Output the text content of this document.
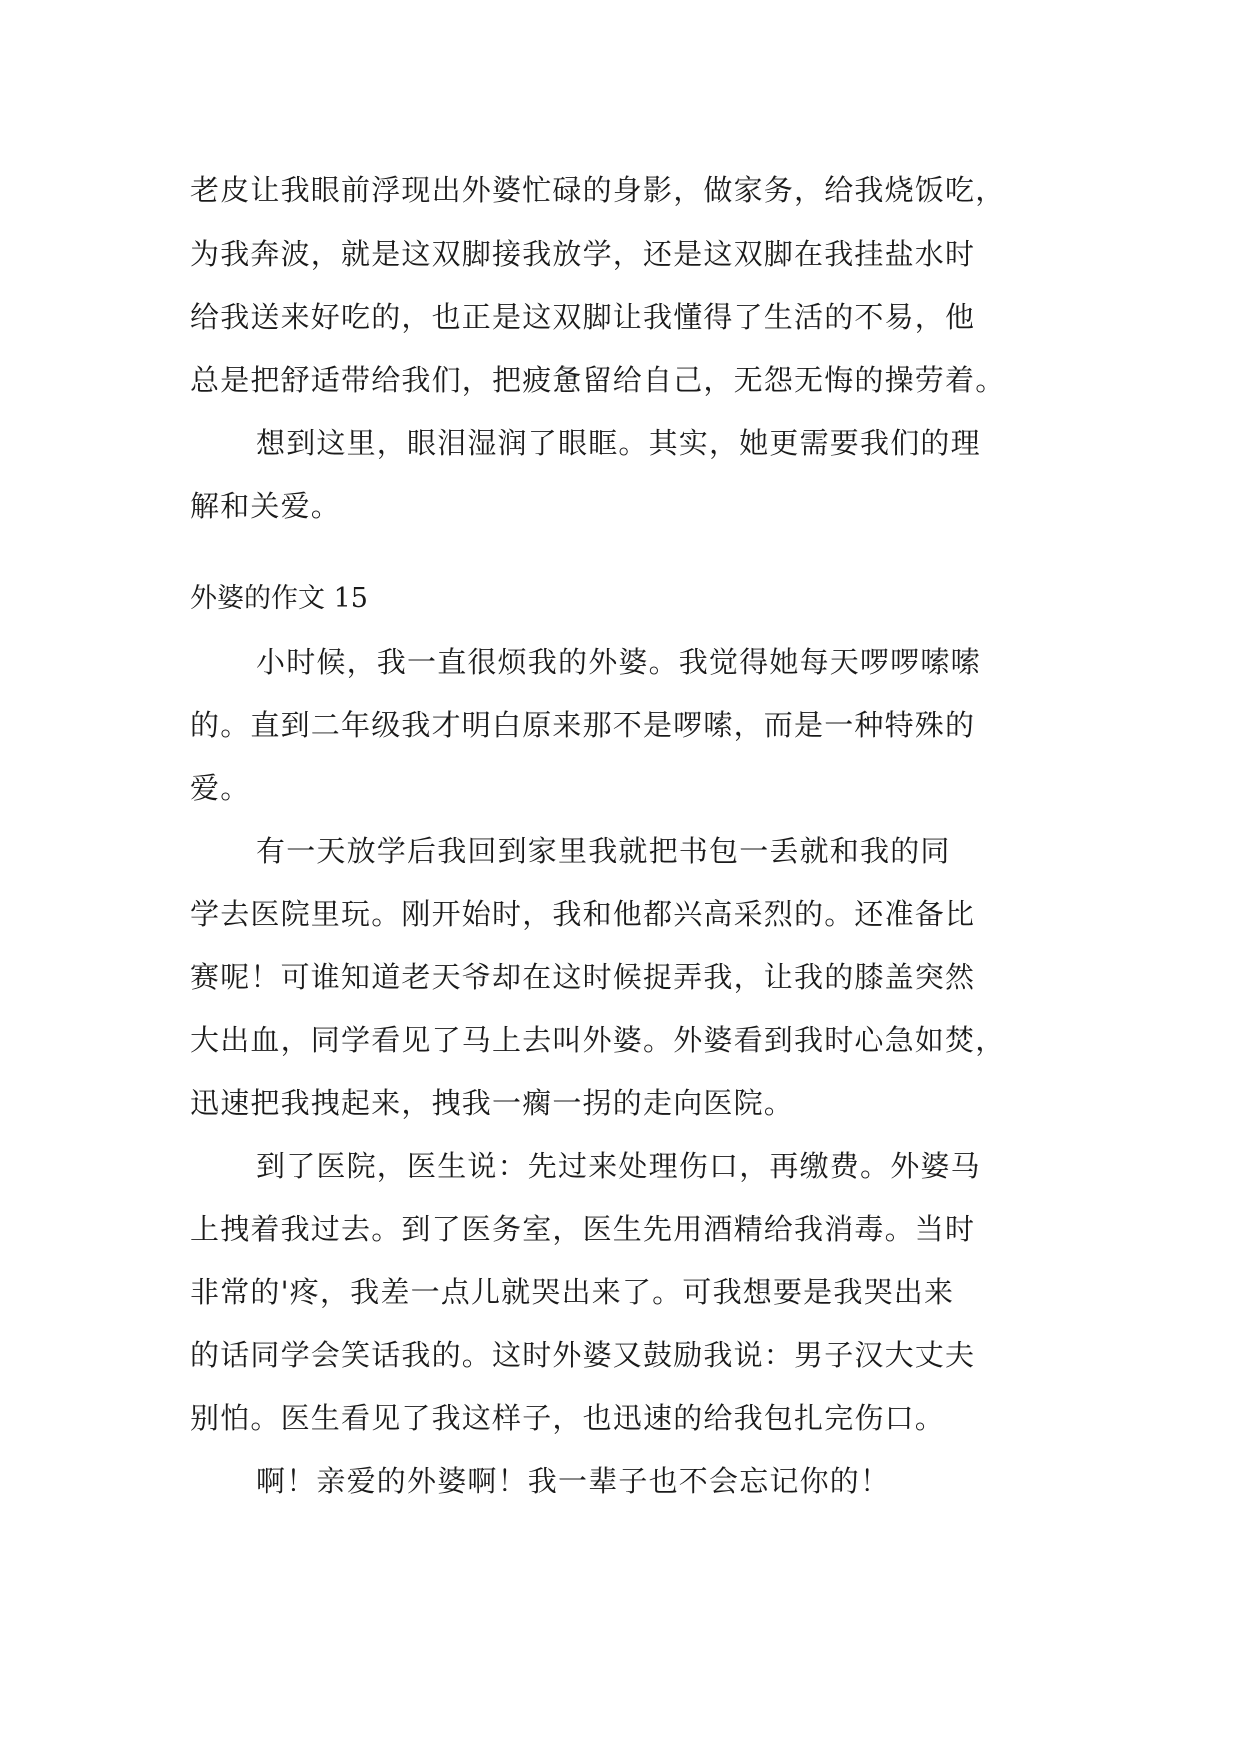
老皮让我眼前浮现出外婆忙碌的身影，做家务，给我烧饭吃，
为我奔波，就是这双脚接我放学，还是这双脚在我挂盐水时
给我送来好吃的，也正是这双脚让我懂得了生活的不易，他
总是把舒适带给我们，把疲惫留给自己，无怨无悔的操劳着。
想到这里，眼泪湿润了眼眶。其实，她更需要我们的理
解和关爱。
外婆的作文 15
小时候，我一直很烦我的外婆。我觉得她每天啰啰嗦嗦
的。直到二年级我才明白原来那不是啰嗦，而是一种特殊的
爱。
有一天放学后我回到家里我就把书包一丢就和我的同
学去医院里玩。刚开始时，我和他都兴高采烈的。还准备比
赛呢！可谁知道老天爷却在这时候捉弄我，让我的膝盖突然
大出血，同学看见了马上去叫外婆。外婆看到我时心急如焚，
迅速把我拽起来，拽我一瘸一拐的走向医院。
到了医院，医生说：先过来处理伤口，再缴费。外婆马
上拽着我过去。到了医务室，医生先用酒精给我消毒。当时
非常的'疼，我差一点儿就哭出来了。可我想要是我哭出来
的话同学会笑话我的。这时外婆又鼓励我说：男子汉大丈夫
别怕。医生看见了我这样子，也迅速的给我包扎完伤口。
啊！亲爱的外婆啊！我一辈子也不会忘记你的！
